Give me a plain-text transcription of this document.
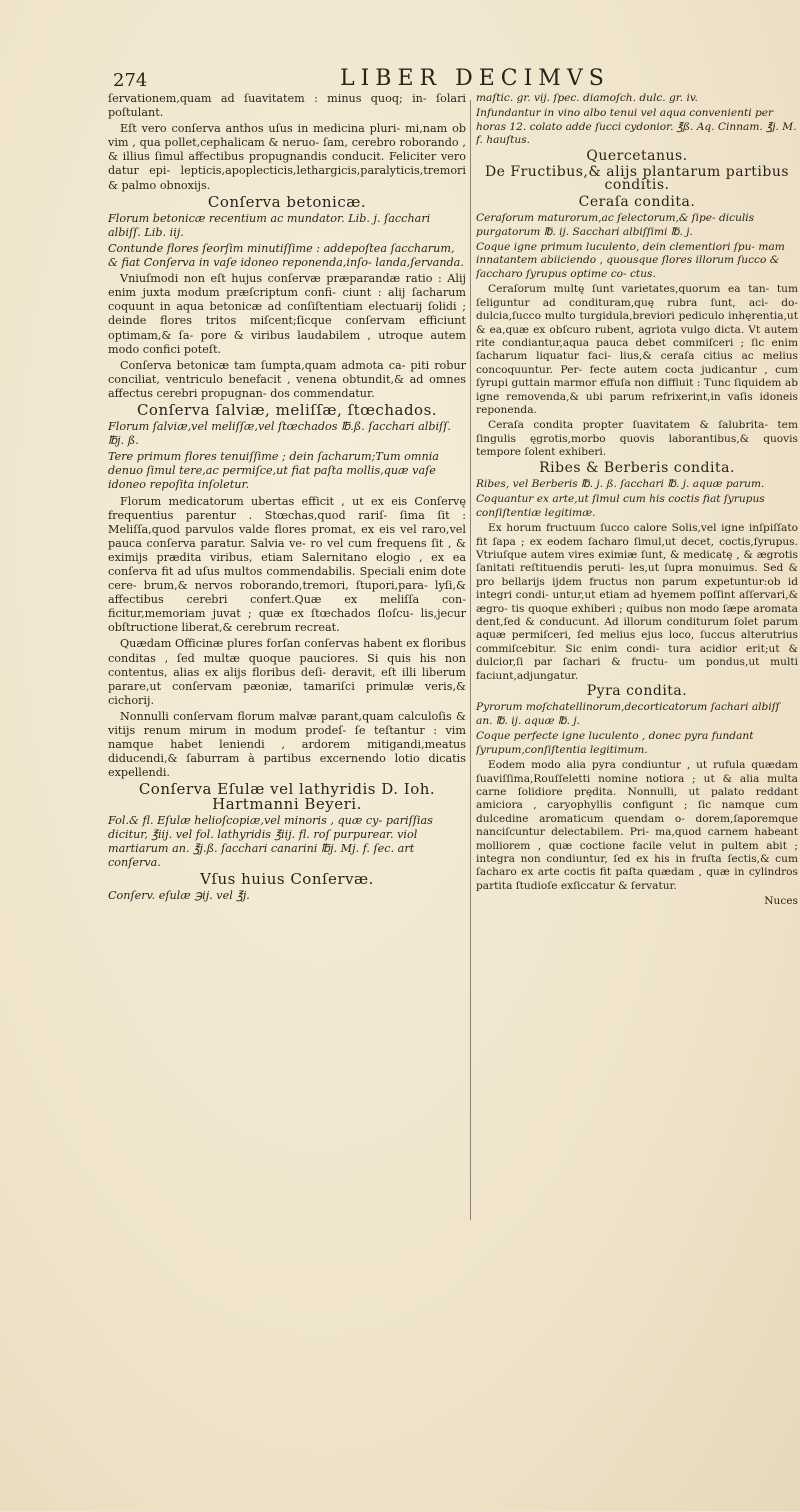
274	LIBER DECIMVS
ſervationem,quam ad ſuavitatem : minus quoq; in- ſolari poſtulant.
Eſt vero conſerva anthos uſus in medicina pluri- mi,nam ob vim , qua pollet,cephalicam & neruo- ſam, cerebro roborando , & illius ſimul affectibus propugnandis conducit. Feliciter vero datur epi- lepticis,apoplecticis,lethargicis,paralyticis,tremori & palmo obnoxijs.
Conſerva betonicæ.
Florum betonicæ recentium ac mundator. Lib. j. ſacchari albiſſ. Lib. iij.
Contunde flores ſeorſim minutiſſime : addepoſtea ſaccharum, & fiat Conſerva in vaſe idoneo reponenda,inſo- landa,ſervanda.
Vniuſmodi non eſt hujus conſervæ præparandæ ratio : Alij enim juxta modum præſcriptum confi- ciunt : alij ſacharum coquunt in aqua betonicæ ad conſiſtentiam electuarij ſolidi ; deinde flores tritos miſcent;ſicque conſervam efficiunt optimam,& ſa- pore & viribus laudabilem , utroque autem modo confici poteſt.
Conſerva betonicæ tam ſumpta,quam admota ca- piti robur conciliat, ventriculo benefacit , venena obtundit,& ad omnes affectus cerebri propugnan- dos commendatur.
Conſerva ſalviæ, meliſſæ, ſtœchados.
Florum ſalviæ,vel meliſſæ,vel ſtœchados ℔.ß. ſacchari albiſſ. ℔j. ß.
Tere primum flores tenuiſſime ; dein ſacharum;Tum omnia denuo ſimul tere,ac permiſce,ut fiat paſta mollis,quæ vaſe idoneo repoſita inſoletur.
Florum medicatorum ubertas efficit , ut ex eis Conſervę frequentius parentur . Stœchas,quod rariſ- ſima ſit : Meliſſa,quod parvulos valde flores promat, ex eis vel raro,vel pauca conſerva paratur. Salvia ve- ro vel cum frequens ſit , & eximijs prædita viribus, etiam Salernitano elogio , ex ea conſerva fit ad uſus multos commendabilis. Speciali enim dote cere- brum,& nervos roborando,tremori, ſtupori,para- lyſi,& affectibus cerebri confert.Quæ ex meliſſa con- ficitur,memoriam juvat ; quæ ex ſtœchados ſloſcu- lis,jecur obſtructione liberat,& cerebrum recreat.
Quædam Officinæ plures forſan conſervas habent ex floribus conditas , ſed multæ quoque pauciores. Si quis his non contentus, alias ex alijs floribus deſi- deravit, eſt illi liberum parare,ut conſervam pæoniæ, tamariſci primulæ veris,& cichorij.
Nonnulli conſervam florum malvæ parant,quam calculoſis & vitijs renum mirum in modum prodeſ- ſe teſtantur : vim namque habet leniendi , ardorem mitigandi,meatus diducendi,& ſaburram à partibus excernendo lotio dicatis expellendi.
Conſerva Eſulæ vel lathyridis D. Ioh. Hartmanni Beyeri.
Fol.& fl. Eſulæ helioſcopiæ,vel minoris , quæ cy- pariſſias dicitur, ℥iij. vel fol. lathyridis ℥iij. fl. roſ purpurear. viol martiarum an. ℥j.ß. ſacchari canarini ℔j. Mj. f. ſec. art conſerva.
Vſus huius Conſervæ.
Conſerv. eſulæ ℈ij. vel ℥j.
maſtic. gr. vij. ſpec. diamoſch. dulc. gr. iv.
Infundantur in vino albo tenui vel aqua convenienti per horas 12. colato adde ſucci cydonior. ℥ß. Aq. Cinnam. ℥j. M. f. hauſtus.
Quercetanus.
De Fructibus,& alijs plantarum partibus conditis.
Ceraſa condita.
Ceraſorum maturorum,ac ſelectorum,& ſipe- diculis purgatorum ℔. ij. Sacchari albiſſimi ℔. j.
Coque igne primum luculento, dein clementiori ſpu- mam innatantem abiiciendo , quousque ſlores illorum ſucco & ſaccharo ſyrupus optime co- ctus.
Ceraſorum multę ſunt varietates,quorum ea tan- tum ſeliguntur ad condituram,quę rubra ſunt, aci- do-dulcia,ſucco multo turgidula,breviori pediculo inhęrentia,ut & ea,quæ ex obſcuro rubent, agriota vulgo dicta. Vt autem rite condiantur,aqua pauca debet commiſceri ; ſic enim ſacharum liquatur faci- lius,& ceraſa citius ac melius concoquuntur. Per- fecte autem cocta judicantur , cum ſyrupi guttain marmor effuſa non diffluit : Tunc ſiquidem ab igne removenda,& ubi parum refrixerint,in vaſis idoneis reponenda.
Ceraſa condita propter ſuavitatem & ſalubrita- tem ſingulis ęgrotis,morbo quovis laborantibus,& quovis tempore ſolent exhiberi.
Ribes & Berberis condita.
Ribes, vel Berberis ℔. j. ß. ſacchari ℔. j. aquæ parum.
Coquantur ex arte,ut ſimul cum his coctis fiat ſyrupus conſiſtentiæ legitimæ.
Ex horum fructuum ſucco calore Solis,vel igne inſpiſſato fit ſapa ; ex eodem ſacharo ſimul,ut decet, coctis,ſyrupus. Vtriuſque autem vires eximiæ ſunt, & medicatę , & ægrotis ſanitati reſtituendis peruti- les,ut ſupra monuimus. Sed & pro bellarijs ijdem fructus non parum expetuntur:ob id integri condi- untur,ut etiam ad hyemem poſſint aſſervari,& ægro- tis quoque exhiberi ; quibus non modo ſæpe aromata dent,ſed & conducunt. Ad illorum conditurum ſolet parum aquæ permiſceri, ſed melius ejus loco, ſuccus alterutrius commiſcebitur. Sic enim condi- tura acidior erit;ut & dulcior,ſi par ſachari & fructu- um pondus,ut multi faciunt,adjungatur.
Pyra condita.
Pyrorum moſchatellinorum,decorticatorum ſachari albiſſ an. ℔. ij. aquæ ℔. j.
Coque perfecte igne luculento , donec pyra fundant ſyrupum,conſiſtentia legitimum.
Eodem modo alia pyra condiuntur , ut rufula quædam ſuaviſſima,Rouſſeletti nomine notiora ; ut & alia multa carne ſolidiore prędita. Nonnulli, ut palato reddant amiciora , caryophyllis configunt ; ſic namque cum dulcedine aromaticum quendam o- dorem,ſaporemque nanciſcuntur delectabilem. Pri- ma,quod carnem habeant molliorem , quæ coctione facile velut in pultem abit ; integra non condiuntur, ſed ex his in fruſta ſectis,& cum ſacharo ex arte coctis fit paſta quædam , quæ in cylindros partita ſtudioſe exſiccatur & ſervatur.
Nuces
